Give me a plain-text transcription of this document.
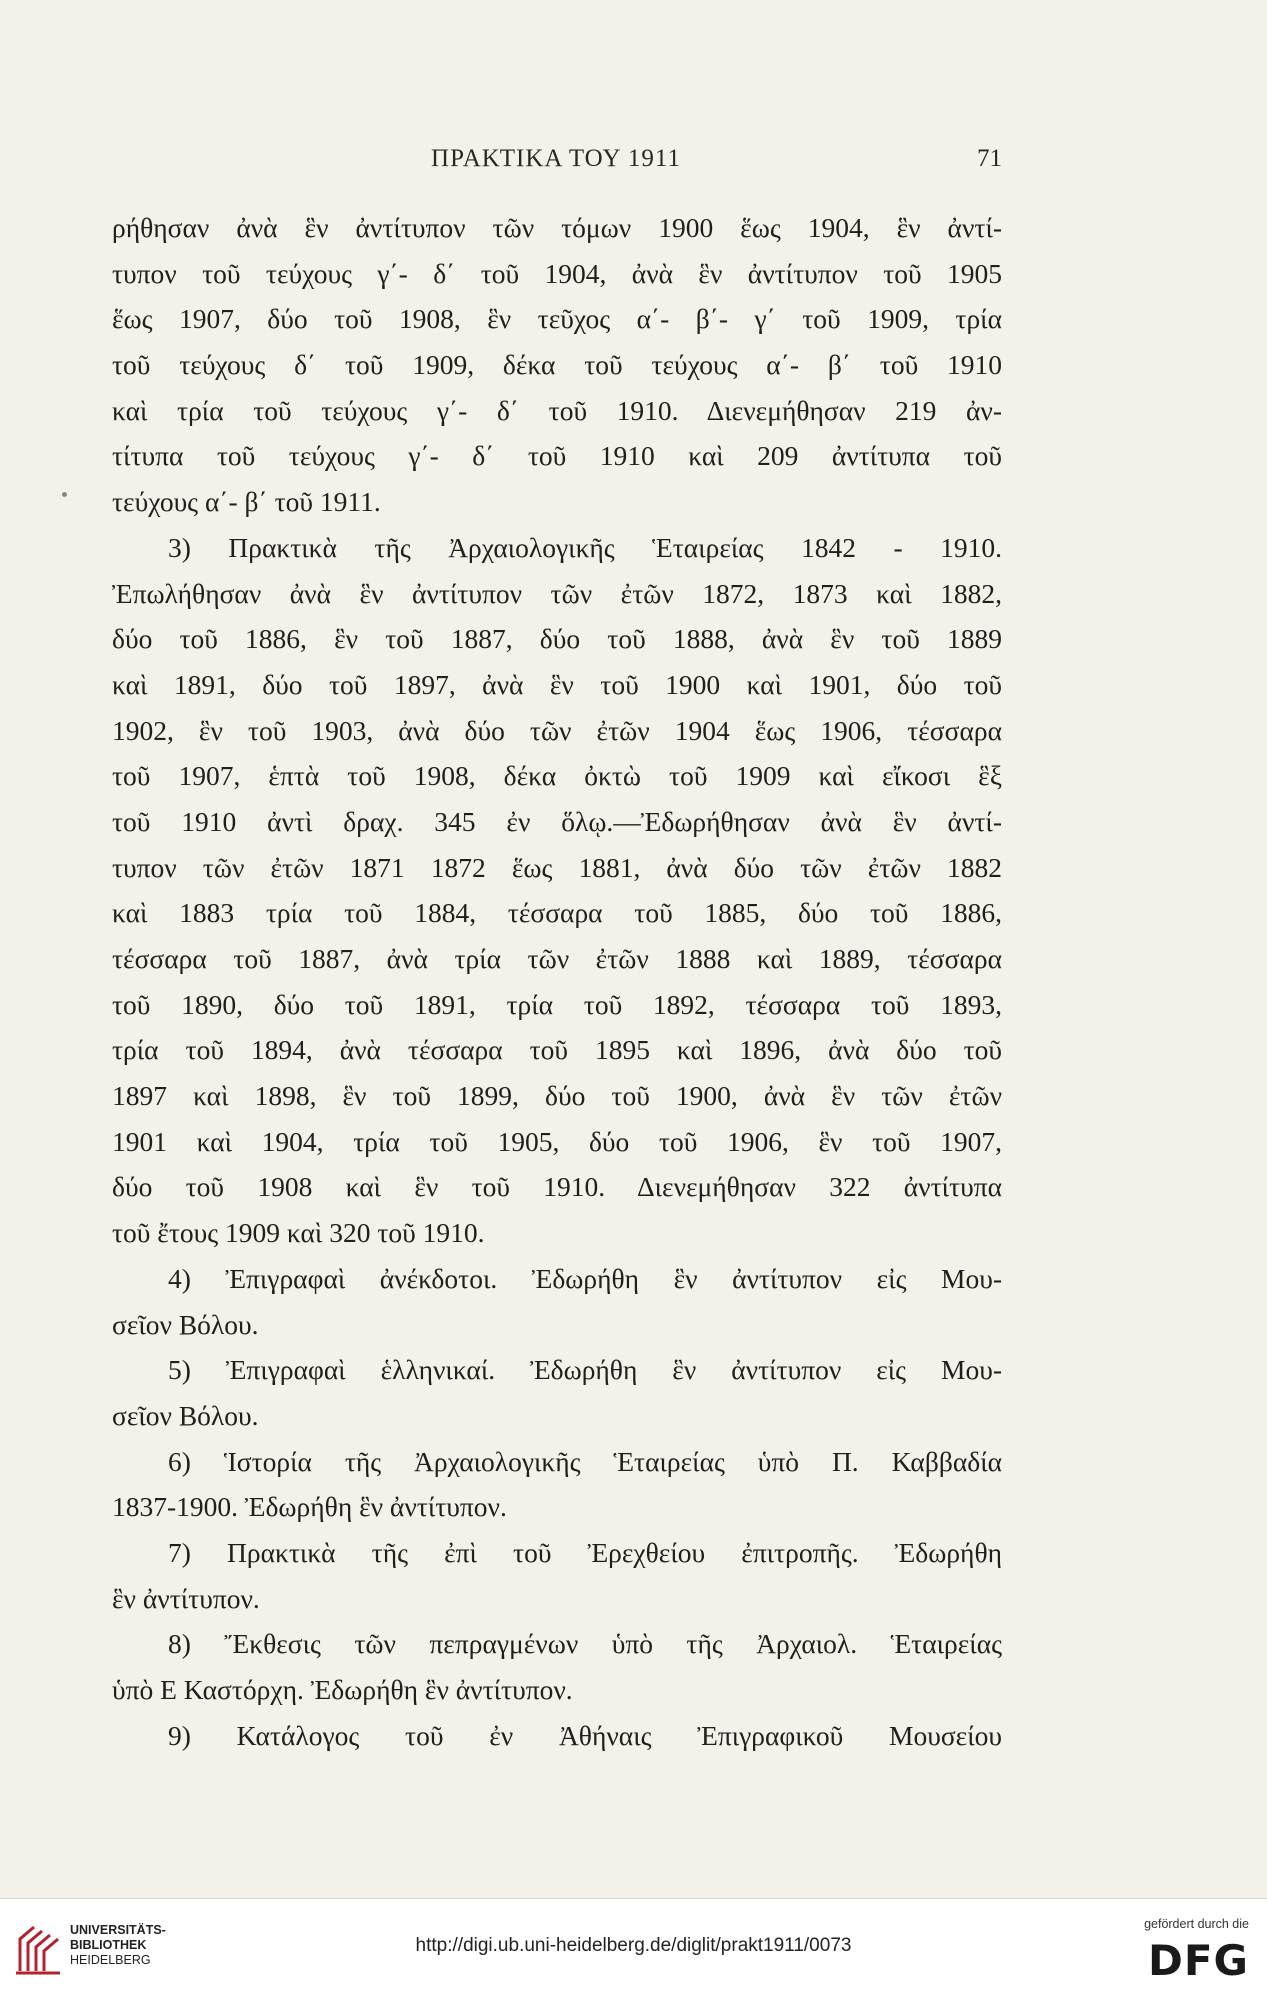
ΠΡΑΚΤΙΚΑ ΤΟΥ 1911	71
ρήθησαν ἀνὰ ἓν ἀντίτυπον τῶν τόμων 1900 ἕως 1904, ἓν ἀντί-
τυπον τοῦ τεύχους γ΄- δ΄ τοῦ 1904, ἀνὰ ἓν ἀντίτυπον τοῦ 1905
ἕως 1907, δύο τοῦ 1908, ἓν τεῦχος α΄- β΄- γ΄ τοῦ 1909, τρία
τοῦ τεύχους δ΄ τοῦ 1909, δέκα τοῦ τεύχους α΄- β΄ τοῦ 1910
καὶ τρία τοῦ τεύχους γ΄- δ΄ τοῦ 1910. Διενεμήθησαν 219 ἀν-
τίτυπα τοῦ τεύχους γ΄- δ΄ τοῦ 1910 καὶ 209 ἀντίτυπα τοῦ
τεύχους α΄- β΄ τοῦ 1911.
3) Πρακτικὰ τῆς Ἀρχαιολογικῆς Ἑταιρείας 1842 - 1910.
Ἐπωλήθησαν ἀνὰ ἓν ἀντίτυπον τῶν ἐτῶν 1872, 1873 καὶ 1882,
δύο τοῦ 1886, ἓν τοῦ 1887, δύο τοῦ 1888, ἀνὰ ἓν τοῦ 1889
καὶ 1891, δύο τοῦ 1897, ἀνὰ ἓν τοῦ 1900 καὶ 1901, δύο τοῦ
1902, ἓν τοῦ 1903, ἀνὰ δύο τῶν ἐτῶν 1904 ἕως 1906, τέσσαρα
τοῦ 1907, ἑπτὰ τοῦ 1908, δέκα ὀκτὼ τοῦ 1909 καὶ εἴκοσι ἓξ
τοῦ 1910 ἀντὶ δραχ. 345 ἐν ὅλῳ.—Ἐδωρήθησαν ἀνὰ ἓν ἀντί-
τυπον τῶν ἐτῶν 1871 1872 ἕως 1881, ἀνὰ δύο τῶν ἐτῶν 1882
καὶ 1883 τρία τοῦ 1884, τέσσαρα τοῦ 1885, δύο τοῦ 1886,
τέσσαρα τοῦ 1887, ἀνὰ τρία τῶν ἐτῶν 1888 καὶ 1889, τέσσαρα
τοῦ 1890, δύο τοῦ 1891, τρία τοῦ 1892, τέσσαρα τοῦ 1893,
τρία τοῦ 1894, ἀνὰ τέσσαρα τοῦ 1895 καὶ 1896, ἀνὰ δύο τοῦ
1897 καὶ 1898, ἓν τοῦ 1899, δύο τοῦ 1900, ἀνὰ ἓν τῶν ἐτῶν
1901 καὶ 1904, τρία τοῦ 1905, δύο τοῦ 1906, ἓν τοῦ 1907,
δύο τοῦ 1908 καὶ ἓν τοῦ 1910. Διενεμήθησαν 322 ἀντίτυπα
τοῦ ἔτους 1909 καὶ 320 τοῦ 1910.
4) Ἐπιγραφαὶ ἀνέκδοτοι. Ἐδωρήθη ἓν ἀντίτυπον εἰς Μου-
σεῖον Βόλου.
5) Ἐπιγραφαὶ ἑλληνικαί. Ἐδωρήθη ἓν ἀντίτυπον εἰς Μου-
σεῖον Βόλου.
6) Ἱστορία τῆς Ἀρχαιολογικῆς Ἑταιρείας ὑπὸ Π. Καββαδία
1837-1900. Ἐδωρήθη ἓν ἀντίτυπον.
7) Πρακτικὰ τῆς ἐπὶ τοῦ Ἐρεχθείου ἐπιτροπῆς. Ἐδωρήθη
ἓν ἀντίτυπον.
8) Ἔκθεσις τῶν πεπραγμένων ὑπὸ τῆς Ἀρχαιολ. Ἑταιρείας
ὑπὸ Ε Καστόρχη. Ἐδωρήθη ἓν ἀντίτυπον.
9) Κατάλογος τοῦ ἐν Ἀθήναις Ἐπιγραφικοῦ Μουσείου
UNIVERSITÄTS-
BIBLIOTHEK
HEIDELBERG
http://digi.ub.uni-heidelberg.de/diglit/prakt1911/0073
gefördert durch die
DFG
